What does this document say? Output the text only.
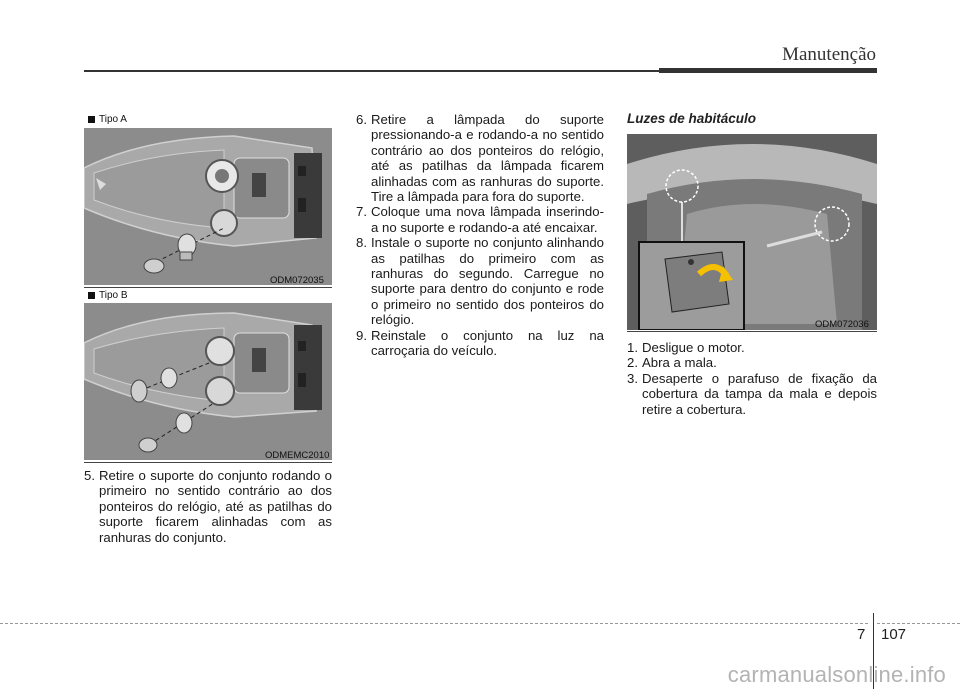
Manutenção
Tipo A
ODM072035
Tipo B
ODMEMC2010

5. Retire o suporte do conjunto rodando o primeiro no sentido contrário ao dos ponteiros do relógio, até as patilhas do suporte ficarem alinhadas com as ranhuras do conjunto.

6. Retire a lâmpada do suporte pressionando-a e rodando-a no sentido contrário ao dos ponteiros do relógio, até as patilhas da lâmpada ficarem alinhadas com as ranhuras do suporte. Tire a lâmpada para fora do suporte.

7. Coloque uma nova lâmpada inserindo-a no suporte e rodando-a até encaixar.

8. Instale o suporte no conjunto alinhando as patilhas do primeiro com as ranhuras do segundo. Carregue no suporte para dentro do conjunto e rode o primeiro no sentido dos ponteiros do relógio.

9. Reinstale o conjunto na luz na carroçaria do veículo.

Luzes de habitáculo
ODM072036

1. Desligue o motor.

2. Abra a mala.

3. Desaperte o parafuso de fixação da cobertura da tampa da mala e depois retire a cobertura.

7 107
carmanualsonline.info
